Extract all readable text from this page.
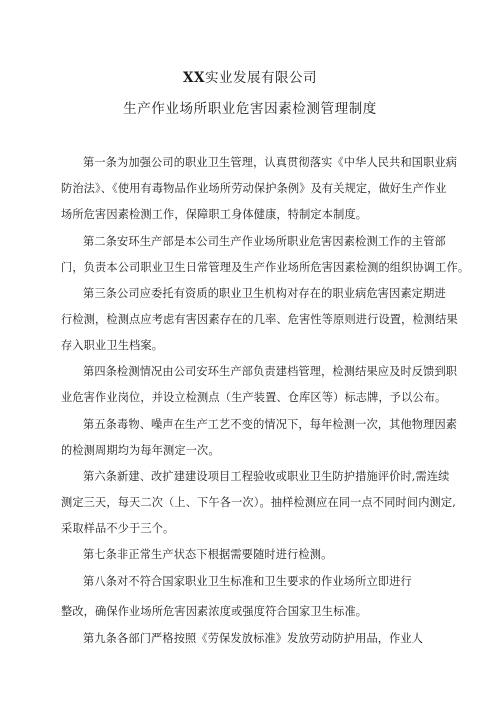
XX实业发展有限公司
生产作业场所职业危害因素检测管理制度
第一条为加强公司的职业卫生管理，认真贯彻落实《中华人民共和国职业病
防治法》、《使用有毒物品作业场所劳动保护条例》及有关规定，做好生产作业
场所危害因素检测工作，保障职工身体健康，特制定本制度。
第二条安环生产部是本公司生产作业场所职业危害因素检测工作的主管部
门，负责本公司职业卫生日常管理及生产作业场所危害因素检测的组织协调工作。
第三条公司应委托有资质的职业卫生机构对存在的职业病危害因素定期进
行检测，检测点应考虑有害因素存在的几率、危害性等原则进行设置，检测结果
存入职业卫生档案。
第四条检测情况由公司安环生产部负责建档管理，检测结果应及时反馈到职
业危害作业岗位，并设立检测点（生产装置、仓库区等）标志牌，予以公布。
第五条毒物、噪声在生产工艺不变的情况下，每年检测一次，其他物理因素
的检测周期均为每年测定一次。
第六条新建、改扩建建设项目工程验收或职业卫生防护措施评价时,需连续
测定三天，每天二次（上、下午各一次）。抽样检测应在同一点不同时间内测定,
采取样品不少于三个。
第七条非正常生产状态下根据需要随时进行检测。
第八条对不符合国家职业卫生标准和卫生要求的作业场所立即进行
整改，确保作业场所危害因素浓度或强度符合国家卫生标准。
第九条各部门严格按照《劳保发放标准》发放劳动防护用品，作业人
